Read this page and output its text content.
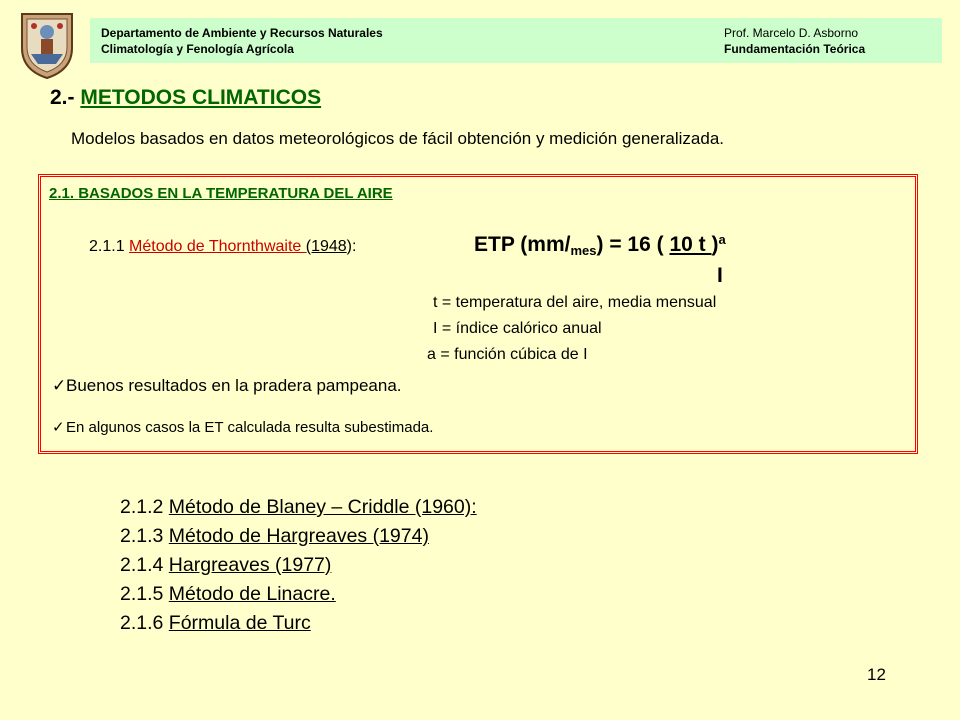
Departamento de Ambiente y Recursos Naturales
Climatología y Fenología Agrícola
Prof. Marcelo D. Asborno
Fundamentación Teórica
2.- METODOS CLIMATICOS
Modelos basados en datos meteorológicos de fácil obtención y medición generalizada.
2.1. BASADOS EN LA TEMPERATURA DEL AIRE
2.1.1 Método de Thornthwaite (1948):	ETP $(mm/_{mes}) = 16$ ( 10 t )$^a$
I
t = temperatura del aire, media mensual
I = índice calórico anual
a = función cúbica de I
✓Buenos resultados en la pradera pampeana.
✓En algunos casos la ET calculada resulta subestimada.
2.1.2 Método de Blaney – Criddle (1960):
2.1.3 Método de Hargreaves (1974)
2.1.4 Hargreaves (1977)
2.1.5 Método de Linacre.
2.1.6 Fórmula de Turc
12
